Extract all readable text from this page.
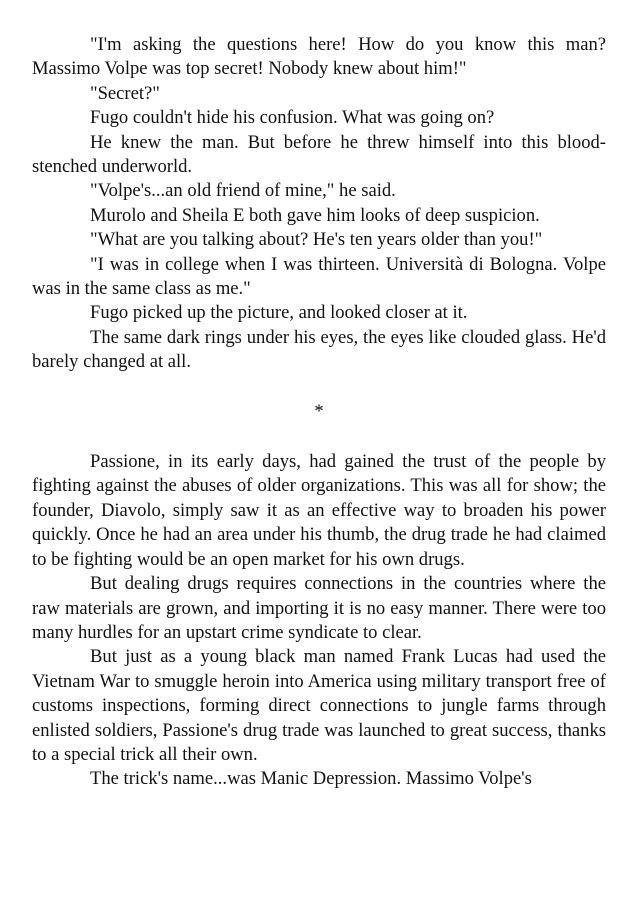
"I'm asking the questions here! How do you know this man? Massimo Volpe was top secret! Nobody knew about him!"

"Secret?"

Fugo couldn't hide his confusion. What was going on?

He knew the man. But before he threw himself into this blood-stenched underworld.

"Volpe's...an old friend of mine," he said.

Murolo and Sheila E both gave him looks of deep suspicion.

"What are you talking about? He's ten years older than you!"

"I was in college when I was thirteen. Università di Bologna. Volpe was in the same class as me."

Fugo picked up the picture, and looked closer at it.

The same dark rings under his eyes, the eyes like clouded glass. He'd barely changed at all.

*

Passione, in its early days, had gained the trust of the people by fighting against the abuses of older organizations. This was all for show; the founder, Diavolo, simply saw it as an effective way to broaden his power quickly. Once he had an area under his thumb, the drug trade he had claimed to be fighting would be an open market for his own drugs.

But dealing drugs requires connections in the countries where the raw materials are grown, and importing it is no easy manner. There were too many hurdles for an upstart crime syndicate to clear.

But just as a young black man named Frank Lucas had used the Vietnam War to smuggle heroin into America using military transport free of customs inspections, forming direct connections to jungle farms through enlisted soldiers, Passione's drug trade was launched to great success, thanks to a special trick all their own.

The trick's name...was Manic Depression. Massimo Volpe's
